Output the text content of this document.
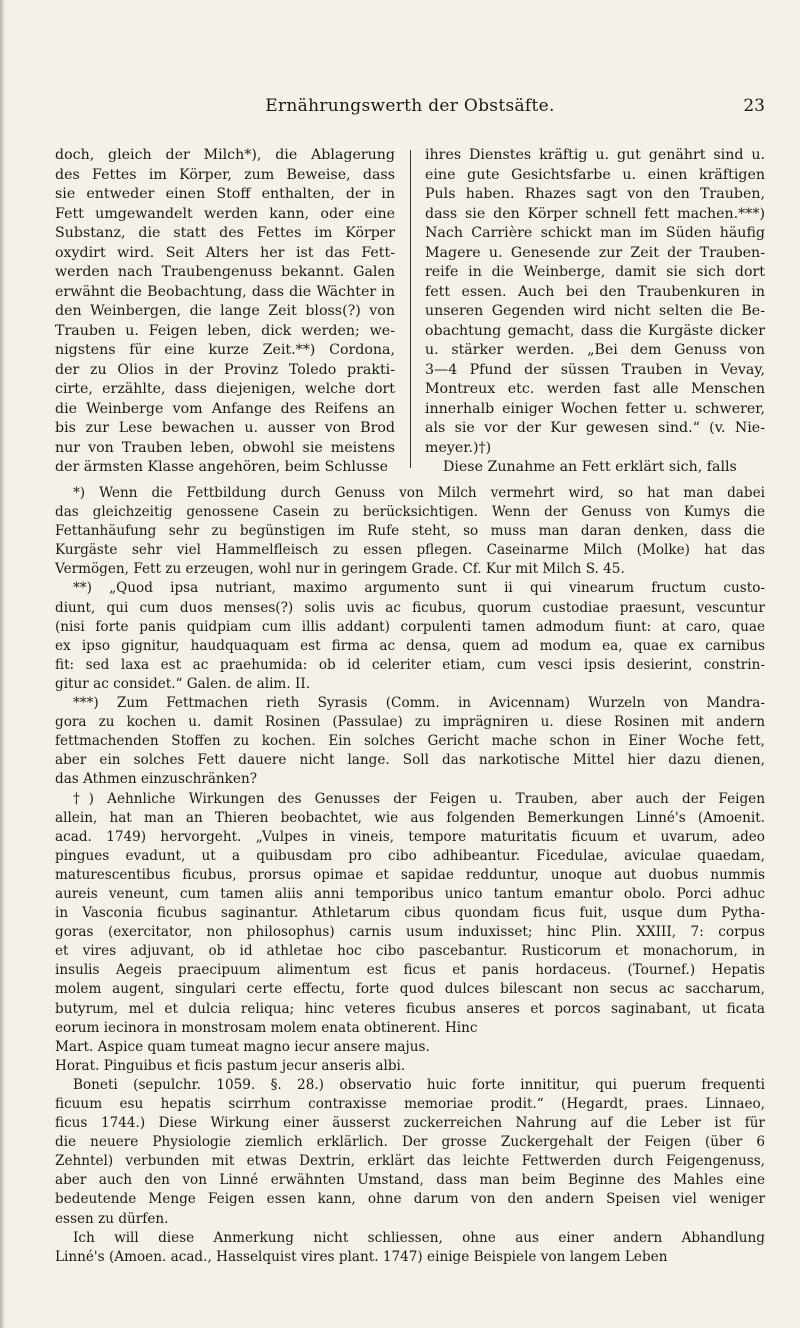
Ernährungswerth der Obstsäfte.	23
doch, gleich der Milch*), die Ablagerung
des Fettes im Körper, zum Beweise, dass
sie entweder einen Stoff enthalten, der in
Fett umgewandelt werden kann, oder eine
Substanz, die statt des Fettes im Körper
oxydirt wird. Seit Alters her ist das Fett-
werden nach Traubengenuss bekannt. Galen
erwähnt die Beobachtung, dass die Wächter in
den Weinbergen, die lange Zeit bloss(?) von
Trauben u. Feigen leben, dick werden; we-
nigstens für eine kurze Zeit.**) Cordona,
der zu Olios in der Provinz Toledo prakti-
cirte, erzählte, dass diejenigen, welche dort
die Weinberge vom Anfange des Reifens an
bis zur Lese bewachen u. ausser von Brod
nur von Trauben leben, obwohl sie meistens
der ärmsten Klasse angehören, beim Schlusse
ihres Dienstes kräftig u. gut genährt sind u.
eine gute Gesichtsfarbe u. einen kräftigen
Puls haben. Rhazes sagt von den Trauben,
dass sie den Körper schnell fett machen.***)
Nach Carrière schickt man im Süden häufig
Magere u. Genesende zur Zeit der Trauben-
reife in die Weinberge, damit sie sich dort
fett essen. Auch bei den Traubenkuren in
unseren Gegenden wird nicht selten die Be-
obachtung gemacht, dass die Kurgäste dicker
u. stärker werden. „Bei dem Genuss von
3—4 Pfund der süssen Trauben in Vevay,
Montreux etc. werden fast alle Menschen
innerhalb einiger Wochen fetter u. schwerer,
als sie vor der Kur gewesen sind.“ (v. Nie-
meyer.)†)
Diese Zunahme an Fett erklärt sich, falls
*) Wenn die Fettbildung durch Genuss von Milch vermehrt wird, so hat man dabei
das gleichzeitig genossene Casein zu berücksichtigen. Wenn der Genuss von Kumys die
Fettanhäufung sehr zu begünstigen im Rufe steht, so muss man daran denken, dass die
Kurgäste sehr viel Hammelfleisch zu essen pflegen. Caseinarme Milch (Molke) hat das
Vermögen, Fett zu erzeugen, wohl nur in geringem Grade. Cf. Kur mit Milch S. 45.
**) „Quod ipsa nutriant, maximo argumento sunt ii qui vinearum fructum custo-
diunt, qui cum duos menses(?) solis uvis ac ficubus, quorum custodiae praesunt, vescuntur
(nisi forte panis quidpiam cum illis addant) corpulenti tamen admodum fiunt: at caro, quae
ex ipso gignitur, haudquaquam est firma ac densa, quem ad modum ea, quae ex carnibus
fit: sed laxa est ac praehumida: ob id celeriter etiam, cum vesci ipsis desierint, constrin-
gitur ac considet.“ Galen. de alim. II.
***) Zum Fettmachen rieth Syrasis (Comm. in Avicennam) Wurzeln von Mandra-
gora zu kochen u. damit Rosinen (Passulae) zu imprägniren u. diese Rosinen mit andern
fettmachenden Stoffen zu kochen. Ein solches Gericht mache schon in Einer Woche fett,
aber ein solches Fett dauere nicht lange. Soll das narkotische Mittel hier dazu dienen,
das Athmen einzuschränken?
†) Aehnliche Wirkungen des Genusses der Feigen u. Trauben, aber auch der Feigen
allein, hat man an Thieren beobachtet, wie aus folgenden Bemerkungen Linné's (Amoenit.
acad. 1749) hervorgeht. „Vulpes in vineis, tempore maturitatis ficuum et uvarum, adeo
pingues evadunt, ut a quibusdam pro cibo adhibeantur. Ficedulae, aviculae quaedam,
maturescentibus ficubus, prorsus opimae et sapidae redduntur, unoque aut duobus nummis
aureis veneunt, cum tamen aliis anni temporibus unico tantum emantur obolo. Porci adhuc
in Vasconia ficubus saginantur. Athletarum cibus quondam ficus fuit, usque dum Pytha-
goras (exercitator, non philosophus) carnis usum induxisset; hinc Plin. XXIII, 7: corpus
et vires adjuvant, ob id athletae hoc cibo pascebantur. Rusticorum et monachorum, in
insulis Aegeis praecipuum alimentum est ficus et panis hordaceus. (Tournef.) Hepatis
molem augent, singulari certe effectu, forte quod dulces bilescant non secus ac saccharum,
butyrum, mel et dulcia reliqua; hinc veteres ficubus anseres et porcos saginabant, ut ficata
eorum iecinora in monstrosam molem enata obtinerent. Hinc
Mart. Aspice quam tumeat magno iecur ansere majus.
Horat. Pinguibus et ficis pastum jecur anseris albi.
Boneti (sepulchr. 1059. §. 28.) observatio huic forte innititur, qui puerum frequenti
ficuum esu hepatis scirrhum contraxisse memoriae prodit.“ (Hegardt, praes. Linnaeo,
ficus 1744.) Diese Wirkung einer äusserst zuckerreichen Nahrung auf die Leber ist für
die neuere Physiologie ziemlich erklärlich. Der grosse Zuckergehalt der Feigen (über 6
Zehntel) verbunden mit etwas Dextrin, erklärt das leichte Fettwerden durch Feigengenuss,
aber auch den von Linné erwähnten Umstand, dass man beim Beginne des Mahles eine
bedeutende Menge Feigen essen kann, ohne darum von den andern Speisen viel weniger
essen zu dürfen.
Ich will diese Anmerkung nicht schliessen, ohne aus einer andern Abhandlung
Linné's (Amoen. acad., Hasselquist vires plant. 1747) einige Beispiele von langem Leben
